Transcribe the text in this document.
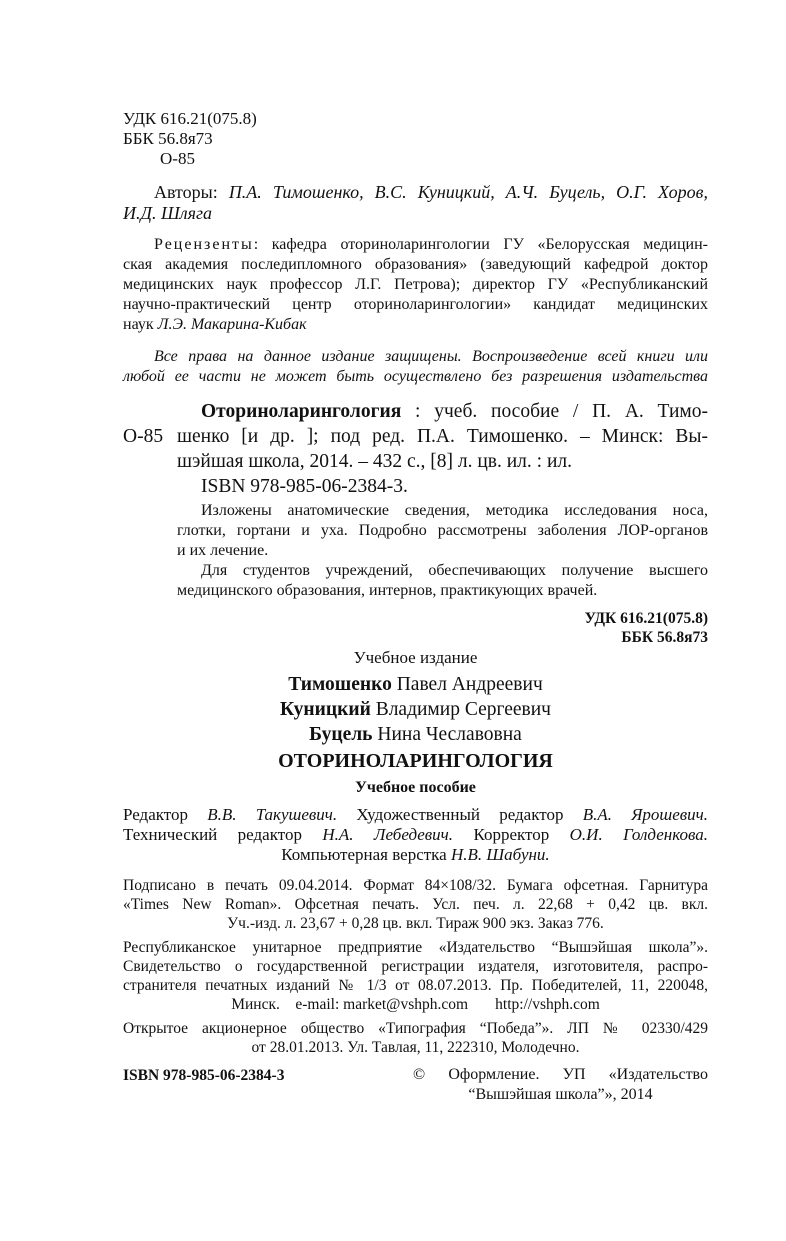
УДК 616.21(075.8)
ББК 56.8я73
О-85
Авторы: П.А. Тимошенко, В.С. Куницкий, А.Ч. Буцель, О.Г. Хоров,
И.Д. Шляга
Рецензенты: кафедра оториноларингологии ГУ «Белорусская медицин-
ская академия последипломного образования» (заведующий кафедрой доктор
медицинских наук профессор Л.Г. Петрова); директор ГУ «Республиканский
научно-практический центр оториноларингологии» кандидат медицинских
наук Л.Э. Макарина-Кибак
Все права на данное издание защищены. Воспроизведение всей книги или
любой ее части не может быть осуществлено без разрешения издательства
Оториноларингология : учеб. пособие / П. А. Тимо-
О-85 шенко [и др. ]; под ред. П.А. Тимошенко. – Минск: Вы-
шэйшая школа, 2014. – 432 с., [8] л. цв. ил. : ил.
ISBN 978-985-06-2384-3.
Изложены анатомические сведения, методика исследования носа,
глотки, гортани и уха. Подробно рассмотрены заболения ЛОР-органов
и их лечение.
Для студентов учреждений, обеспечивающих получение высшего
медицинского образования, интернов, практикующих врачей.
УДК 616.21(075.8)
ББК 56.8я73
Учебное издание
Тимошенко Павел Андреевич
Куницкий Владимир Сергеевич
Буцель Нина Чеславовна
ОТОРИНОЛАРИНГОЛОГИЯ
Учебное пособие
Редактор В.В. Такушевич. Художественный редактор В.А. Ярошевич.
Технический редактор Н.А. Лебедевич. Корректор О.И. Голденкова.
Компьютерная верстка Н.В. Шабуни.
Подписано в печать 09.04.2014. Формат 84×108/32. Бумага офсетная. Гарнитура
«Times New Roman». Офсетная печать. Усл. печ. л. 22,68 + 0,42 цв. вкл.
Уч.-изд. л. 23,67 + 0,28 цв. вкл. Тираж 900 экз. Заказ 776.
Республиканское унитарное предприятие «Издательство “Вышэйшая школа”».
Свидетельство о государственной регистрации издателя, изготовителя, распро-
странителя печатных изданий № 1/3 от 08.07.2013. Пр. Победителей, 11, 220048,
Минск.    e-mail: market@vshph.com       http://vshph.com
Открытое акционерное общество «Типография “Победа”». ЛП № 02330/429
от 28.01.2013. Ул. Тавлая, 11, 222310, Молодечно.
ISBN 978-985-06-2384-3	© Оформление. УП «Издательство
“Вышэйшая школа”», 2014
